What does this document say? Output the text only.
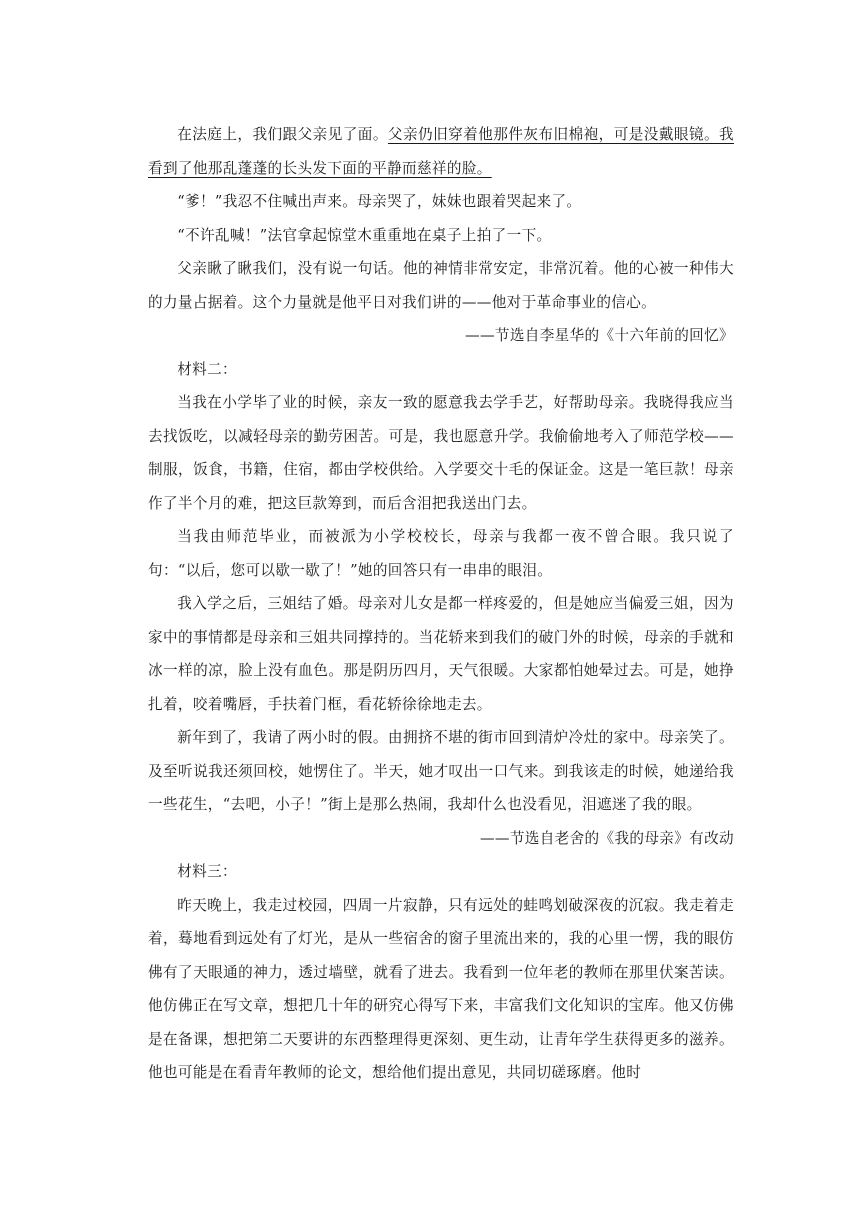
在法庭上，我们跟父亲见了面。父亲仍旧穿着他那件灰布旧棉袍，可是没戴眼镜。我看到了他那乱蓬蓬的长头发下面的平静而慈祥的脸。

“爹！”我忍不住喊出声来。母亲哭了，妹妹也跟着哭起来了。

“不许乱喊！”法官拿起惊堂木重重地在桌子上拍了一下。

父亲瞅了瞅我们，没有说一句话。他的神情非常安定，非常沉着。他的心被一种伟大的力量占据着。这个力量就是他平日对我们讲的——他对于革命事业的信心。

——节选自李星华的《十六年前的回忆》

材料二：

当我在小学毕了业的时候，亲友一致的愿意我去学手艺，好帮助母亲。我晓得我应当去找饭吃，以减轻母亲的勤劳困苦。可是，我也愿意升学。我偷偷地考入了师范学校——制服，饭食，书籍，住宿，都由学校供给。入学要交十毛的保证金。这是一笔巨款！母亲作了半个月的难，把这巨款筹到，而后含泪把我送出门去。

当我由师范毕业，而被派为小学校校长，母亲与我都一夜不曾合眼。我只说了句：“以后，您可以歇一歇了！”她的回答只有一串串的眼泪。

我入学之后，三姐结了婚。母亲对儿女是都一样疼爱的，但是她应当偏爱三姐，因为家中的事情都是母亲和三姐共同撑持的。当花轿来到我们的破门外的时候，母亲的手就和冰一样的凉，脸上没有血色。那是阴历四月，天气很暖。大家都怕她晕过去。可是，她挣扎着，咬着嘴唇，手扶着门框，看花轿徐徐地走去。

新年到了，我请了两小时的假。由拥挤不堪的街市回到清炉冷灶的家中。母亲笑了。及至听说我还须回校，她愣住了。半天，她才叹出一口气来。到我该走的时候，她递给我一些花生，“去吧，小子！”街上是那么热闹，我却什么也没看见，泪遮迷了我的眼。

——节选自老舍的《我的母亲》有改动

材料三：

昨天晚上，我走过校园，四周一片寂静，只有远处的蛙鸣划破深夜的沉寂。我走着走着，蓦地看到远处有了灯光，是从一些宿舍的窗子里流出来的，我的心里一愣，我的眼仿佛有了天眼通的神力，透过墙壁，就看了进去。我看到一位年老的教师在那里伏案苦读。他仿佛正在写文章，想把几十年的研究心得写下来，丰富我们文化知识的宝库。他又仿佛是在备课，想把第二天要讲的东西整理得更深刻、更生动，让青年学生获得更多的滋养。他也可能是在看青年教师的论文，想给他们提出意见，共同切磋琢磨。他时
